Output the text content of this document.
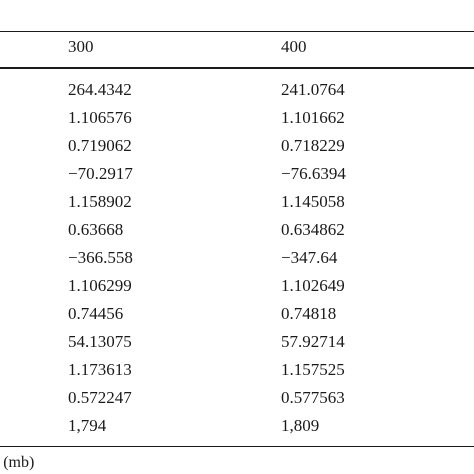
300	400
264.4342	241.0764
1.106576	1.101662
0.719062	0.718229
−70.2917	−76.6394
1.158902	1.145058
0.63668	0.634862
−366.558	−347.64
1.106299	1.102649
0.74456	0.74818
54.13075	57.92714
1.173613	1.157525
0.572247	0.577563
1,794	1,809
 (mb)
